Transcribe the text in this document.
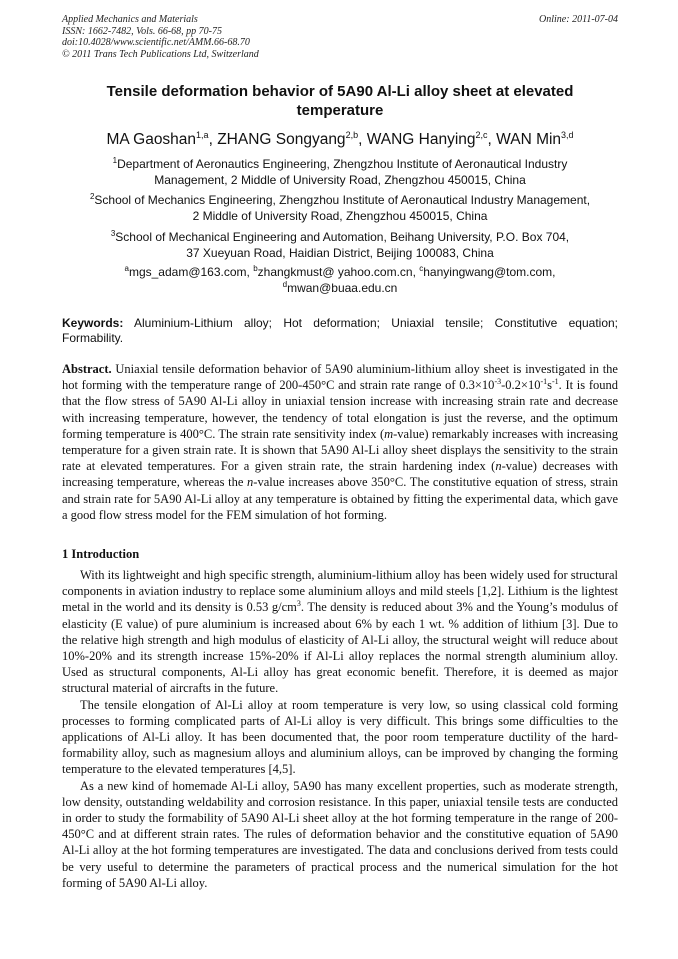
Applied Mechanics and Materials
ISSN: 1662-7482, Vols. 66-68, pp 70-75
doi:10.4028/www.scientific.net/AMM.66-68.70
© 2011 Trans Tech Publications Ltd, Switzerland
Online: 2011-07-04
Tensile deformation behavior of 5A90 Al-Li alloy sheet at elevated temperature
MA Gaoshan$^{1,a}$, ZHANG Songyang$^{2,b}$, WANG Hanying$^{2,c}$, WAN Min$^{3,d}$
$^1$Department of Aeronautics Engineering, Zhengzhou Institute of Aeronautical Industry
Management, 2 Middle of University Road, Zhengzhou 450015, China
$^2$School of Mechanics Engineering, Zhengzhou Institute of Aeronautical Industry Management,
2 Middle of University Road, Zhengzhou 450015, China
$^3$School of Mechanical Engineering and Automation, Beihang University, P.O. Box 704,
37 Xueyuan Road, Haidian District, Beijing 100083, China
$^a$mgs_adam@163.com, $^b$zhangkmust@ yahoo.com.cn, $^c$hanyingwang@tom.com,
$^d$mwan@buaa.edu.cn
Keywords: Aluminium-Lithium alloy; Hot deformation; Uniaxial tensile; Constitutive equation; Formability.
Abstract. Uniaxial tensile deformation behavior of 5A90 aluminium-lithium alloy sheet is investigated in the hot forming with the temperature range of 200-450°C and strain rate range of $0.3\times 10^{-3}-0.2\times 10^{-1}s^{-1}$. It is found that the flow stress of 5A90 Al-Li alloy in uniaxial tension increase with increasing strain rate and decrease with increasing temperature, however, the tendency of total elongation is just the reverse, and the optimum forming temperature is 400°C. The strain rate sensitivity index (m-value) remarkably increases with increasing temperature for a given strain rate. It is shown that 5A90 Al-Li alloy sheet displays the sensitivity to the strain rate at elevated temperatures. For a given strain rate, the strain hardening index (n-value) decreases with increasing temperature, whereas the n-value increases above 350°C. The constitutive equation of stress, strain and strain rate for 5A90 Al-Li alloy at any temperature is obtained by fitting the experimental data, which gave a good flow stress model for the FEM simulation of hot forming.
1 Introduction

With its lightweight and high specific strength, aluminium-lithium alloy has been widely used for structural components in aviation industry to replace some aluminium alloys and mild steels [1,2]. Lithium is the lightest metal in the world and its density is 0.53 $g/cm^3$. The density is reduced about 3% and the Young’s modulus of elasticity (E value) of pure aluminium is increased about 6% by each 1 wt. % addition of lithium [3]. Due to the relative high strength and high modulus of elasticity of Al-Li alloy, the structural weight will reduce about 10%-20% and its strength increase 15%-20% if Al-Li alloy replaces the normal strength aluminium alloy. Used as structural components, Al-Li alloy has great economic benefit. Therefore, it is deemed as major structural material of aircrafts in the future.

The tensile elongation of Al-Li alloy at room temperature is very low, so using classical cold forming processes to forming complicated parts of Al-Li alloy is very difficult. This brings some difficulties to the applications of Al-Li alloy. It has been documented that, the poor room temperature ductility of the hard-formability alloy, such as magnesium alloys and aluminium alloys, can be improved by changing the forming temperature to the elevated temperatures [4,5].

As a new kind of homemade Al-Li alloy, 5A90 has many excellent properties, such as moderate strength, low density, outstanding weldability and corrosion resistance. In this paper, uniaxial tensile tests are conducted in order to study the formability of 5A90 Al-Li sheet alloy at the hot forming temperature in the range of 200-450°C and at different strain rates. The rules of deformation behavior and the constitutive equation of 5A90 Al-Li alloy at the hot forming temperatures are investigated. The data and conclusions derived from tests could be very useful to determine the parameters of practical process and the numerical simulation for the hot forming of 5A90 Al-Li alloy.
